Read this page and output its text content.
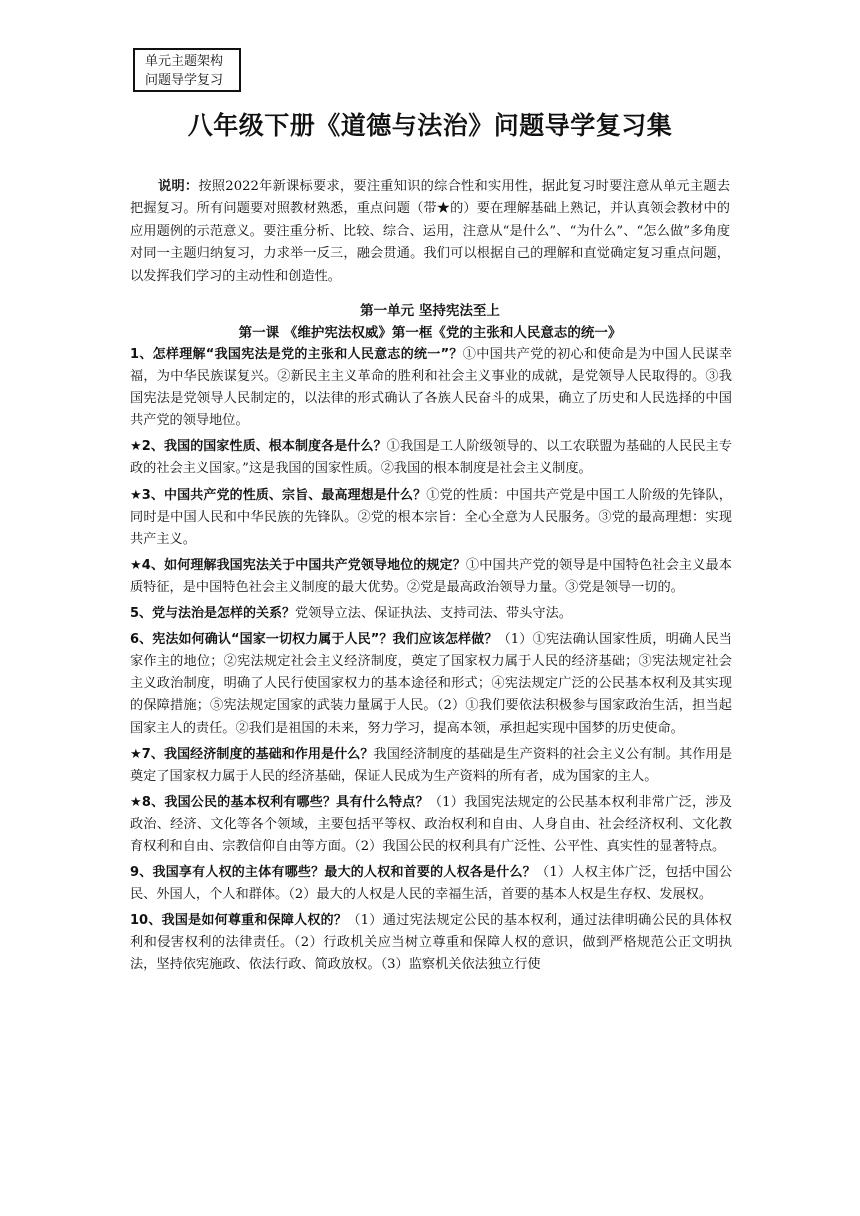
单元主题架构
问题导学复习
八年级下册《道德与法治》问题导学复习集

说明：按照2022年新课标要求，要注重知识的综合性和实用性，据此复习时要注意从单元主题去把握复习。所有问题要对照教材熟悉，重点问题（带★的）要在理解基础上熟记，并认真领会教材中的应用题例的示范意义。要注重分析、比较、综合、运用，注意从“是什么”、“为什么”、“怎么做”多角度对同一主题归纳复习，力求举一反三，融会贯通。我们可以根据自己的理解和直觉确定复习重点问题，以发挥我们学习的主动性和创造性。

第一单元 坚持宪法至上
第一课 《维护宪法权威》第一框《党的主张和人民意志的统一》

1、怎样理解“我国宪法是党的主张和人民意志的统一”？①中国共产党的初心和使命是为中国人民谋幸福，为中华民族谋复兴。②新民主主义革命的胜利和社会主义事业的成就，是党领导人民取得的。③我国宪法是党领导人民制定的，以法律的形式确认了各族人民奋斗的成果，确立了历史和人民选择的中国共产党的领导地位。

★2、我国的国家性质、根本制度各是什么？①我国是工人阶级领导的、以工农联盟为基础的人民民主专政的社会主义国家。”这是我国的国家性质。②我国的根本制度是社会主义制度。

★3、中国共产党的性质、宗旨、最高理想是什么？①党的性质：中国共产党是中国工人阶级的先锋队，同时是中国人民和中华民族的先锋队。②党的根本宗旨：全心全意为人民服务。③党的最高理想：实现共产主义。

★4、如何理解我国宪法关于中国共产党领导地位的规定？①中国共产党的领导是中国特色社会主义最本质特征，是中国特色社会主义制度的最大优势。②党是最高政治领导力量。③党是领导一切的。

5、党与法治是怎样的关系？党领导立法、保证执法、支持司法、带头守法。

6、宪法如何确认“国家一切权力属于人民”？我们应该怎样做？（1）①宪法确认国家性质，明确人民当家作主的地位；②宪法规定社会主义经济制度，奠定了国家权力属于人民的经济基础；③宪法规定社会主义政治制度，明确了人民行使国家权力的基本途径和形式；④宪法规定广泛的公民基本权利及其实现的保障措施；⑤宪法规定国家的武装力量属于人民。（2）①我们要依法积极参与国家政治生活，担当起国家主人的责任。②我们是祖国的未来，努力学习，提高本领，承担起实现中国梦的历史使命。

★7、我国经济制度的基础和作用是什么？我国经济制度的基础是生产资料的社会主义公有制。其作用是奠定了国家权力属于人民的经济基础，保证人民成为生产资料的所有者，成为国家的主人。

★8、我国公民的基本权利有哪些？具有什么特点？（1）我国宪法规定的公民基本权利非常广泛，涉及政治、经济、文化等各个领域，主要包括平等权、政治权利和自由、人身自由、社会经济权利、文化教育权利和自由、宗教信仰自由等方面。（2）我国公民的权利具有广泛性、公平性、真实性的显著特点。

9、我国享有人权的主体有哪些？最大的人权和首要的人权各是什么？（1）人权主体广泛，包括中国公民、外国人，个人和群体。（2）最大的人权是人民的幸福生活，首要的基本人权是生存权、发展权。

10、我国是如何尊重和保障人权的？（1）通过宪法规定公民的基本权利，通过法律明确公民的具体权利和侵害权利的法律责任。（2）行政机关应当树立尊重和保障人权的意识，做到严格规范公正文明执法，坚持依宪施政、依法行政、简政放权。（3）监察机关依法独立行使
